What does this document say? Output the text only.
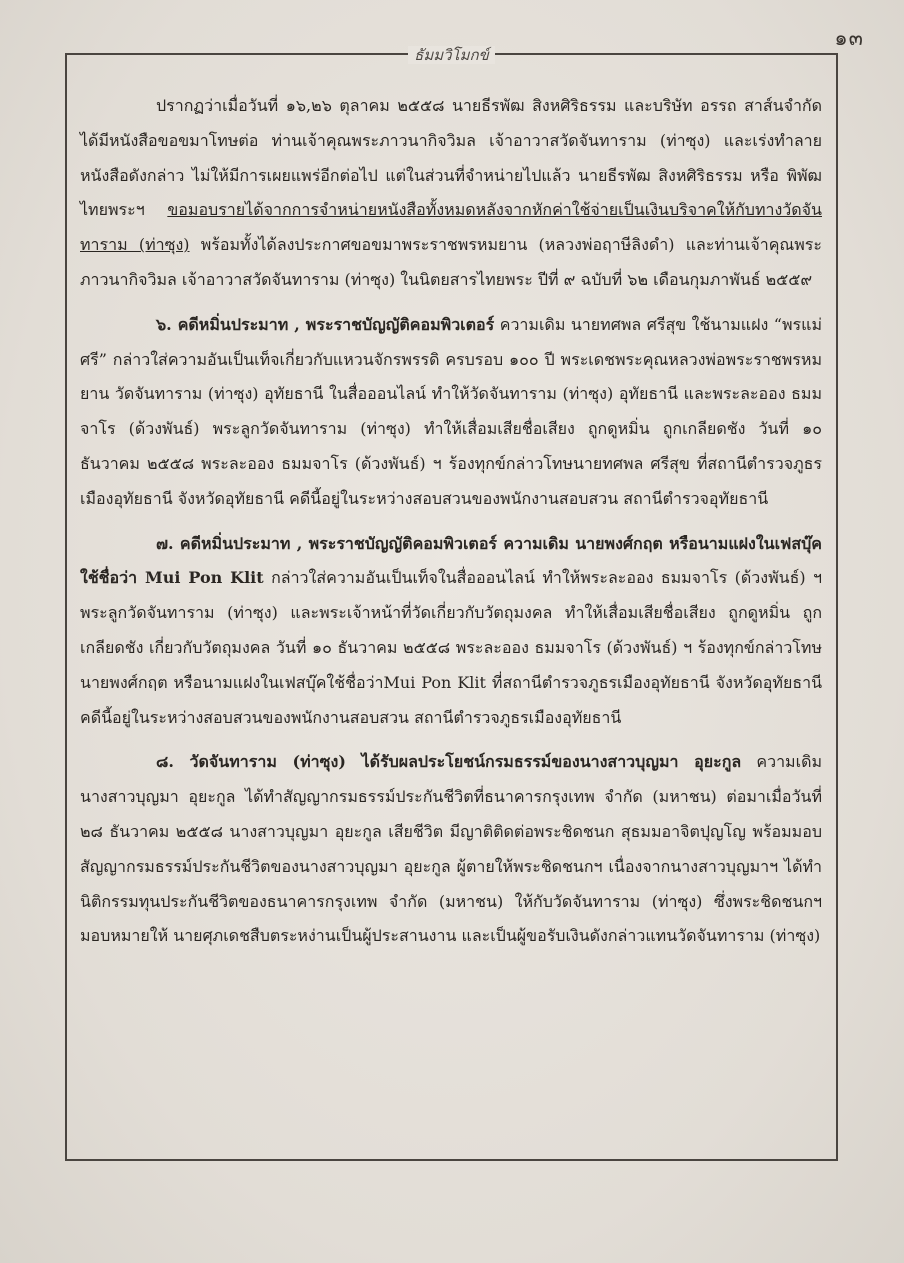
๑๓
ธัมมวิโมกข์

ปรากฏว่าเมื่อวันที่ ๑๖,๒๖ ตุลาคม ๒๕๕๘ นายธีรพัฒ สิงหศิริธรรม และบริษัท อรรถ สาส์นจำกัด ได้มีหนังสือขอขมาโทษต่อ ท่านเจ้าคุณพระภาวนากิจวิมล เจ้าอาวาสวัดจันทาราม (ท่าซุง) และเร่งทำลายหนังสือดังกล่าว ไม่ให้มีการเผยแพร่อีกต่อไป แต่ในส่วนที่จำหน่ายไปแล้ว นายธีรพัฒ สิงหศิริธรรม หรือ พิพัฒ ไทยพระฯ ขอมอบรายได้จากการจำหน่ายหนังสือทั้งหมดหลังจากหักค่าใช้จ่ายเป็นเงินบริจาคให้กับทางวัดจันทาราม (ท่าซุง) พร้อมทั้งได้ลงประกาศขอขมาพระราชพรหมยาน (หลวงพ่อฤาษีลิงดำ) และท่านเจ้าคุณพระภาวนากิจวิมล เจ้าอาวาสวัดจันทาราม (ท่าซุง) ในนิตยสารไทยพระ ปีที่ ๙ ฉบับที่ ๖๒ เดือนกุมภาพันธ์ ๒๕๕๙

๖. คดีหมิ่นประมาท , พระราชบัญญัติคอมพิวเตอร์ ความเดิม นายทศพล ศรีสุข ใช้นามแฝง “พรแม่ศรี” กล่าวใส่ความอันเป็นเท็จเกี่ยวกับแหวนจักรพรรดิ ครบรอบ ๑๐๐ ปี พระเดชพระคุณหลวงพ่อพระราชพรหมยาน วัดจันทาราม (ท่าซุง) อุทัยธานี ในสื่อออนไลน์ ทำให้วัดจันทาราม (ท่าซุง) อุทัยธานี และพระละออง ธมมจาโร (ด้วงพันธ์) พระลูกวัดจันทาราม (ท่าซุง) ทำให้เสื่อมเสียชื่อเสียง ถูกดูหมิ่น ถูกเกลียดชัง วันที่ ๑๐ ธันวาคม ๒๕๕๘ พระละออง ธมมจาโร (ด้วงพันธ์) ฯ ร้องทุกข์กล่าวโทษนายทศพล ศรีสุข ที่สถานีตำรวจภูธรเมืองอุทัยธานี จังหวัดอุทัยธานี คดีนี้อยู่ในระหว่างสอบสวนของพนักงานสอบสวน สถานีตำรวจอุทัยธานี

๗. คดีหมิ่นประมาท , พระราชบัญญัติคอมพิวเตอร์ ความเดิม นายพงศ์กฤต หรือนามแฝงในเฟสบุ๊คใช้ชื่อว่า Mui Pon Klit กล่าวใส่ความอันเป็นเท็จในสื่อออนไลน์ ทำให้พระละออง ธมมจาโร (ด้วงพันธ์) ฯ พระลูกวัดจันทาราม (ท่าซุง) และพระเจ้าหน้าที่วัดเกี่ยวกับวัตถุมงคล ทำให้เสื่อมเสียชื่อเสียง ถูกดูหมิ่น ถูกเกลียดชัง เกี่ยวกับวัตถุมงคล วันที่ ๑๐ ธันวาคม ๒๕๕๘ พระละออง ธมมจาโร (ด้วงพันธ์) ฯ ร้องทุกข์กล่าวโทษนายพงศ์กฤต หรือนามแฝงในเฟสบุ๊คใช้ชื่อว่าMui Pon Klit ที่สถานีตำรวจภูธรเมืองอุทัยธานี จังหวัดอุทัยธานี คดีนี้อยู่ในระหว่างสอบสวนของพนักงานสอบสวน สถานีตำรวจภูธรเมืองอุทัยธานี

๘. วัดจันทาราม (ท่าซุง) ได้รับผลประโยชน์กรมธรรม์ของนางสาวบุญมา อุยะกูล ความเดิมนางสาวบุญมา อุยะกูล ได้ทำสัญญากรมธรรม์ประกันชีวิตที่ธนาคารกรุงเทพ จำกัด (มหาชน) ต่อมาเมื่อวันที่ ๒๘ ธันวาคม ๒๕๕๘ นางสาวบุญมา อุยะกูล เสียชีวิต มีญาติติดต่อพระชิดชนก สุธมมอาจิตปุญโญ พร้อมมอบสัญญากรมธรรม์ประกันชีวิตของนางสาวบุญมา อุยะกูล ผู้ตายให้พระชิดชนกฯ เนื่องจากนางสาวบุญมาฯ ได้ทำนิติกรรมทุนประกันชีวิตของธนาคารกรุงเทพ จำกัด (มหาชน) ให้กับวัดจันทาราม (ท่าซุง) ซึ่งพระชิดชนกฯ มอบหมายให้ นายศุภเดชสืบตระหง่านเป็นผู้ประสานงาน และเป็นผู้ขอรับเงินดังกล่าวแทนวัดจันทาราม (ท่าซุง)
